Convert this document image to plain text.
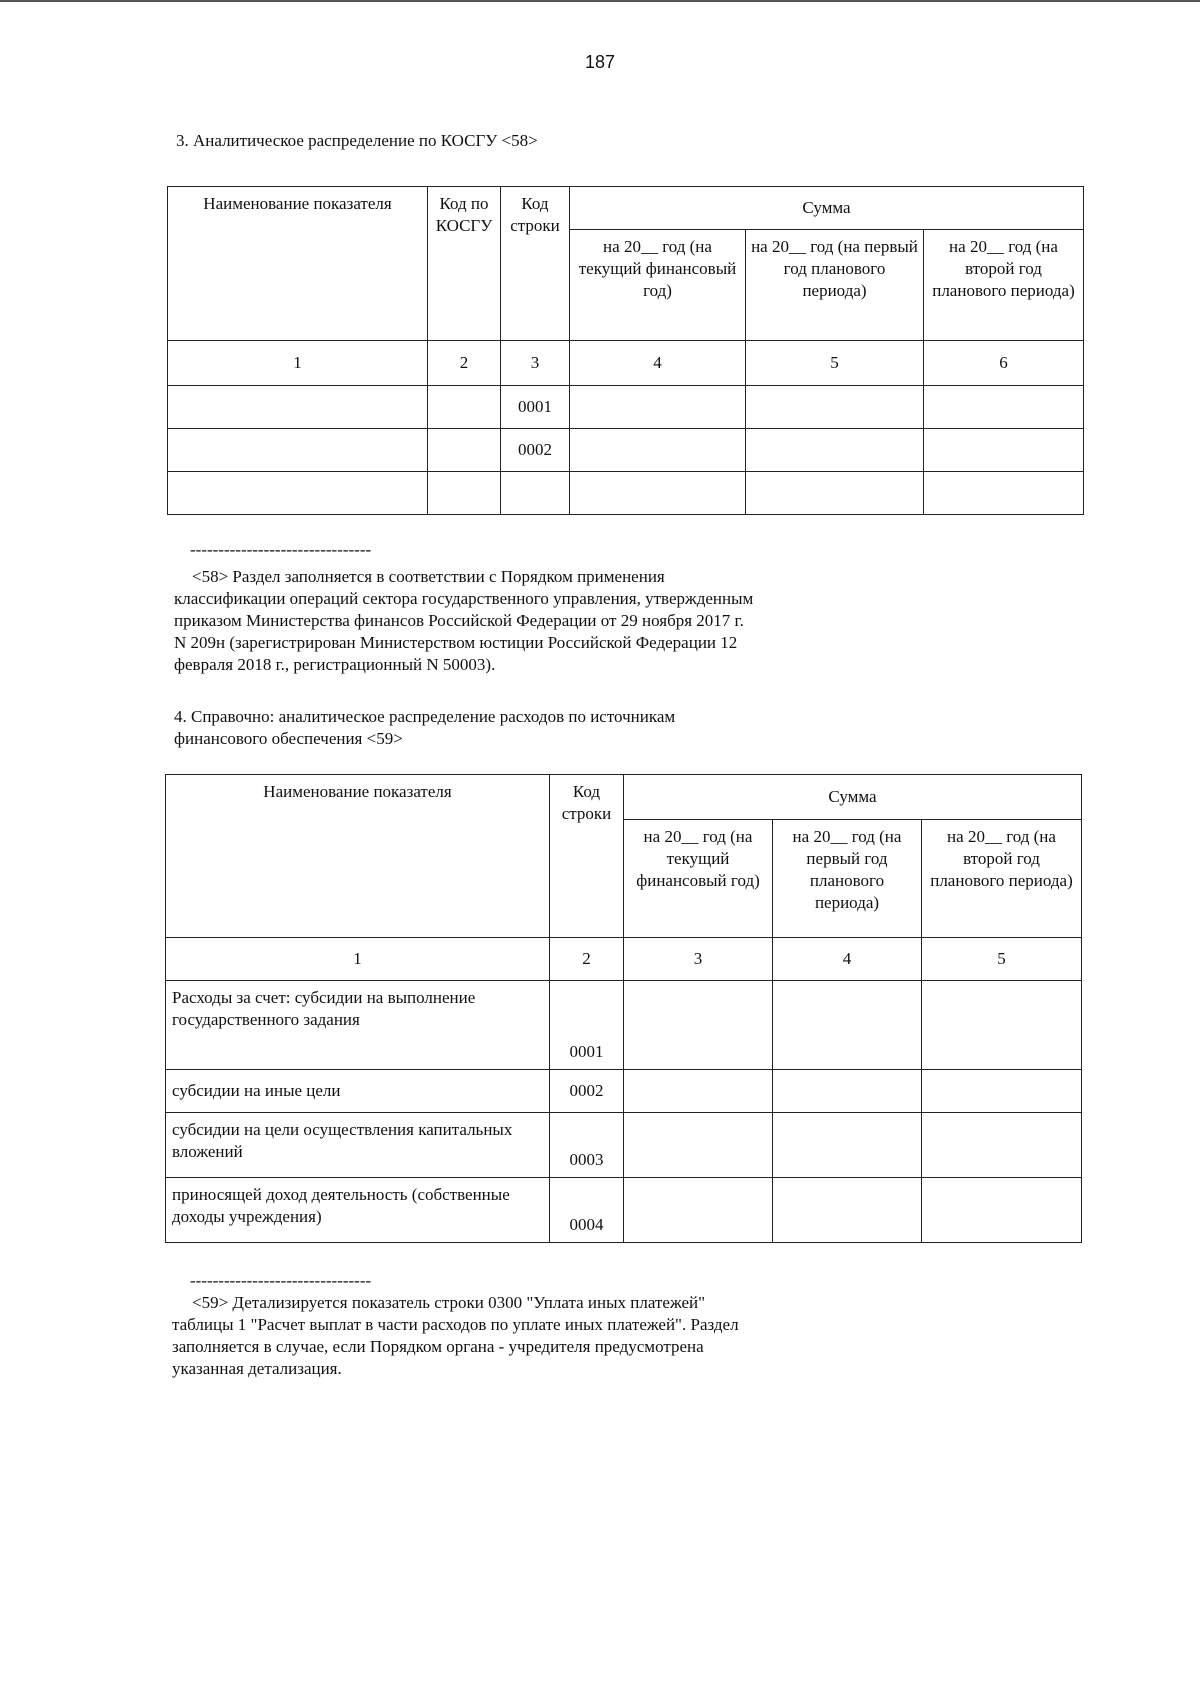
187
3. Аналитическое распределение по КОСГУ <58>
Наименование показателя	Код по КОСГУ	Код строки	Сумма		
			на 20__ год (на текущий финансовый год)	на 20__ год (на первый год планового периода)	на 20__ год (на второй год планового периода)
1	2	3	4	5	6
		0001			
		0002			

--------------------------------
<58> Раздел заполняется в соответствии с Порядком применения
классификации операций сектора государственного управления, утвержденным
приказом Министерства финансов Российской Федерации от 29 ноября 2017 г.
N 209н (зарегистрирован Министерством юстиции Российской Федерации 12
февраля 2018 г., регистрационный N 50003).
4. Справочно: аналитическое распределение расходов по источникам
финансового обеспечения <59>
Наименование показателя	Код строки	Сумма		
		на 20__ год (на текущий финансовый год)	на 20__ год (на первый год планового периода)	на 20__ год (на второй год планового периода)
1	2	3	4	5
Расходы за счет: субсидии на выполнение государственного задания	0001			
субсидии на иные цели	0002			
субсидии на цели осуществления капитальных вложений	0003			
приносящей доход деятельность (собственные доходы учреждения)	0004			
--------------------------------
<59> Детализируется показатель строки 0300 "Уплата иных платежей"
таблицы 1 "Расчет выплат в части расходов по уплате иных платежей". Раздел
заполняется в случае, если Порядком органа - учредителя предусмотрена
указанная детализация.
